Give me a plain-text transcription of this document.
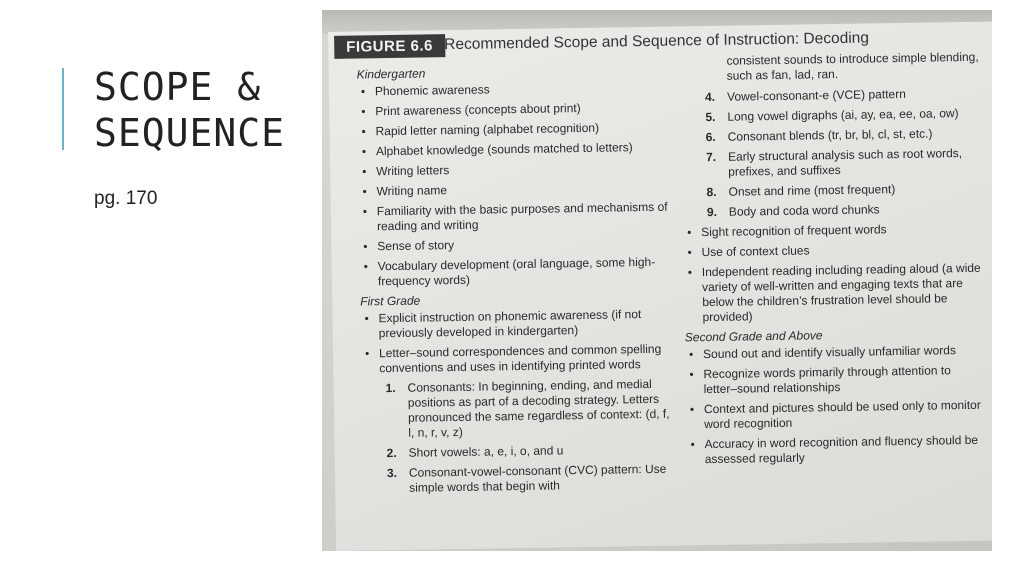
SCOPE &
SEQUENCE
pg. 170
FIGURE 6.6 Recommended Scope and Sequence of Instruction: Decoding
Kindergarten
• Phonemic awareness
• Print awareness (concepts about print)
• Rapid letter naming (alphabet recognition)
• Alphabet knowledge (sounds matched to letters)
• Writing letters
• Writing name
• Familiarity with the basic purposes and mechanisms of reading and writing
• Sense of story
• Vocabulary development (oral language, some high-frequency words)
First Grade
• Explicit instruction on phonemic awareness (if not previously developed in kindergarten)
• Letter–sound correspondences and common spelling conventions and uses in identifying printed words
1. Consonants: In beginning, ending, and medial positions as part of a decoding strategy. Letters pronounced the same regardless of context: (d, f, l, n, r, v, z)
2. Short vowels: a, e, i, o, and u
3. Consonant-vowel-consonant (CVC) pattern: Use simple words that begin with
consistent sounds to introduce simple blending, such as fan, lad, ran.
4. Vowel-consonant-e (VCE) pattern
5. Long vowel digraphs (ai, ay, ea, ee, oa, ow)
6. Consonant blends (tr, br, bl, cl, st, etc.)
7. Early structural analysis such as root words, prefixes, and suffixes
8. Onset and rime (most frequent)
9. Body and coda word chunks
• Sight recognition of frequent words
• Use of context clues
• Independent reading including reading aloud (a wide variety of well-written and engaging texts that are below the children’s frustration level should be provided)
Second Grade and Above
• Sound out and identify visually unfamiliar words
• Recognize words primarily through attention to letter–sound relationships
• Context and pictures should be used only to monitor word recognition
• Accuracy in word recognition and fluency should be assessed regularly
